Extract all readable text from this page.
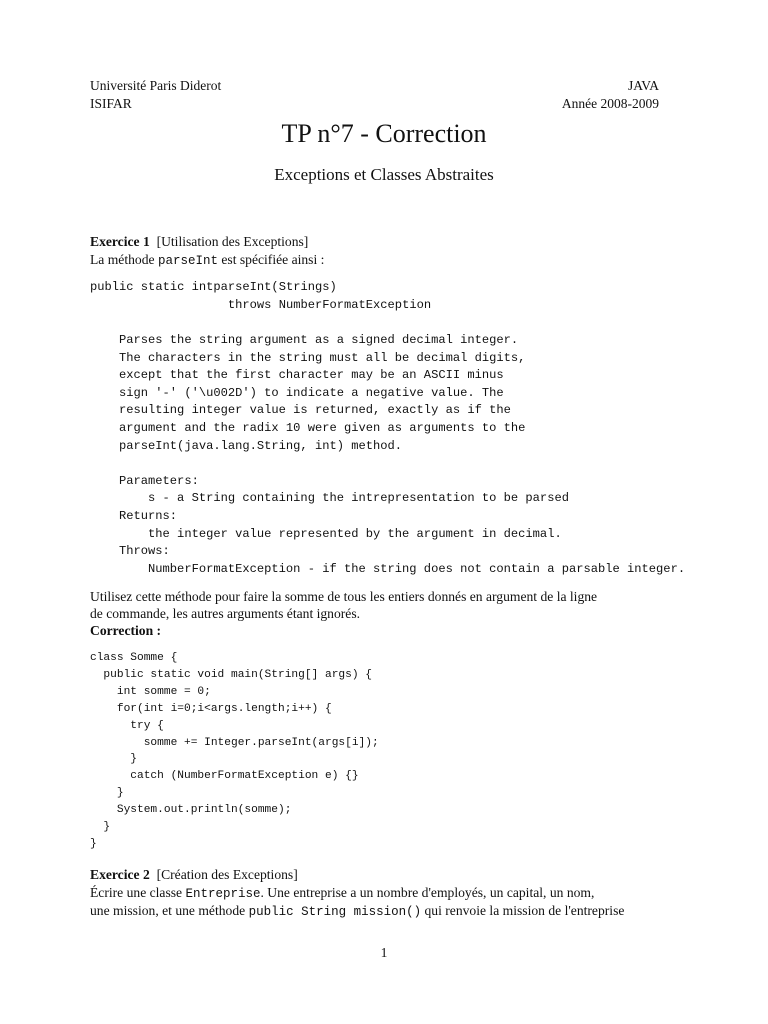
Université Paris Diderot
ISIFAR
JAVA
Année 2008-2009
TP n°7 - Correction
Exceptions et Classes Abstraites
Exercice 1 [Utilisation des Exceptions]
La méthode parseInt est spécifiée ainsi :
public static intparseInt(Strings)
throws NumberFormatException
Parses the string argument as a signed decimal integer.
The characters in the string must all be decimal digits,
except that the first character may be an ASCII minus
sign '-' ('\u002D') to indicate a negative value. The
resulting integer value is returned, exactly as if the
argument and the radix 10 were given as arguments to the
parseInt(java.lang.String, int) method.

Parameters:
s - a String containing the intrepresentation to be parsed
Returns:
the integer value represented by the argument in decimal.
Throws:
NumberFormatException - if the string does not contain a parsable integer.
Utilisez cette méthode pour faire la somme de tous les entiers donnés en argument de la ligne
de commande, les autres arguments étant ignorés.
Correction :
class Somme {
public static void main(String[] args) {
int somme = 0;
for(int i=0;i<args.length;i++) {
try {
somme += Integer.parseInt(args[i]);
}
catch (NumberFormatException e) {}
}
System.out.println(somme);
}
}
Exercice 2 [Création des Exceptions]
Écrire une classe Entreprise. Une entreprise a un nombre d'employés, un capital, un nom,
une mission, et une méthode public String mission() qui renvoie la mission de l'entreprise
1
